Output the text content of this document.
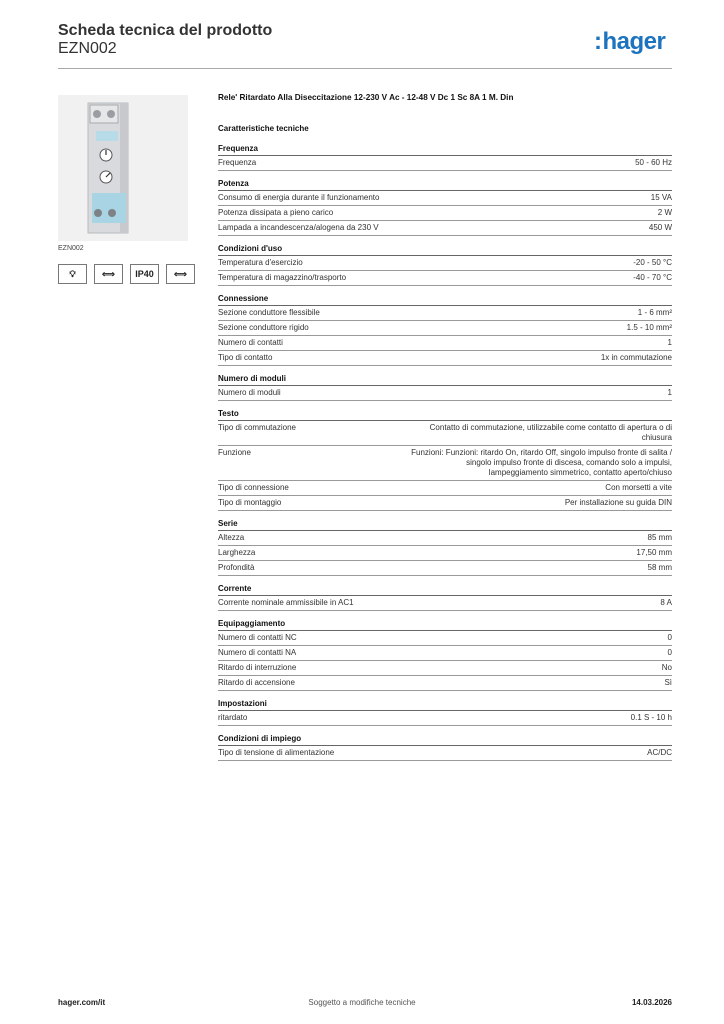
Scheda tecnica del prodotto
EZN002	:hager
EZN002
💡︎	⟺	IP40	⟺
Rele' Ritardato Alla Diseccitazione 12-230 V Ac - 12-48 V Dc 1 Sc 8A 1 M. Din
Caratteristiche tecniche
Frequenza
Frequenza	50 - 60 Hz
Potenza
Consumo di energia durante il funzionamento	15 VA
Potenza dissipata a pieno carico	2 W
Lampada a incandescenza/alogena da 230 V	450 W
Condizioni d'uso
Temperatura d'esercizio	-20 - 50 °C
Temperatura di magazzino/trasporto	-40 - 70 °C
Connessione
Sezione conduttore flessibile	1 - 6 mm²
Sezione conduttore rigido	1.5 - 10 mm²
Numero di contatti	1
Tipo di contatto	1x in commutazione
Numero di moduli
Numero di moduli	1
Testo
Tipo di commutazione	Contatto di commutazione, utilizzabile come contatto di apertura o di chiusura
Funzione	Funzioni: Funzioni: ritardo On, ritardo Off, singolo impulso fronte di salita / singolo impulso fronte di discesa, comando solo a impulsi, lampeggiamento simmetrico, contatto aperto/chiuso
Tipo di connessione	Con morsetti a vite
Tipo di montaggio	Per installazione su guida DIN
Serie
Altezza	85 mm
Larghezza	17,50 mm
Profondità	58 mm
Corrente
Corrente nominale ammissibile in AC1	8 A
Equipaggiamento
Numero di contatti NC	0
Numero di contatti NA	0
Ritardo di interruzione	No
Ritardo di accensione	Sì
Impostazioni
ritardato	0.1 S - 10 h
Condizioni di impiego
Tipo di tensione di alimentazione	AC/DC
hager.com/it	Soggetto a modifiche tecniche	14.03.2026
